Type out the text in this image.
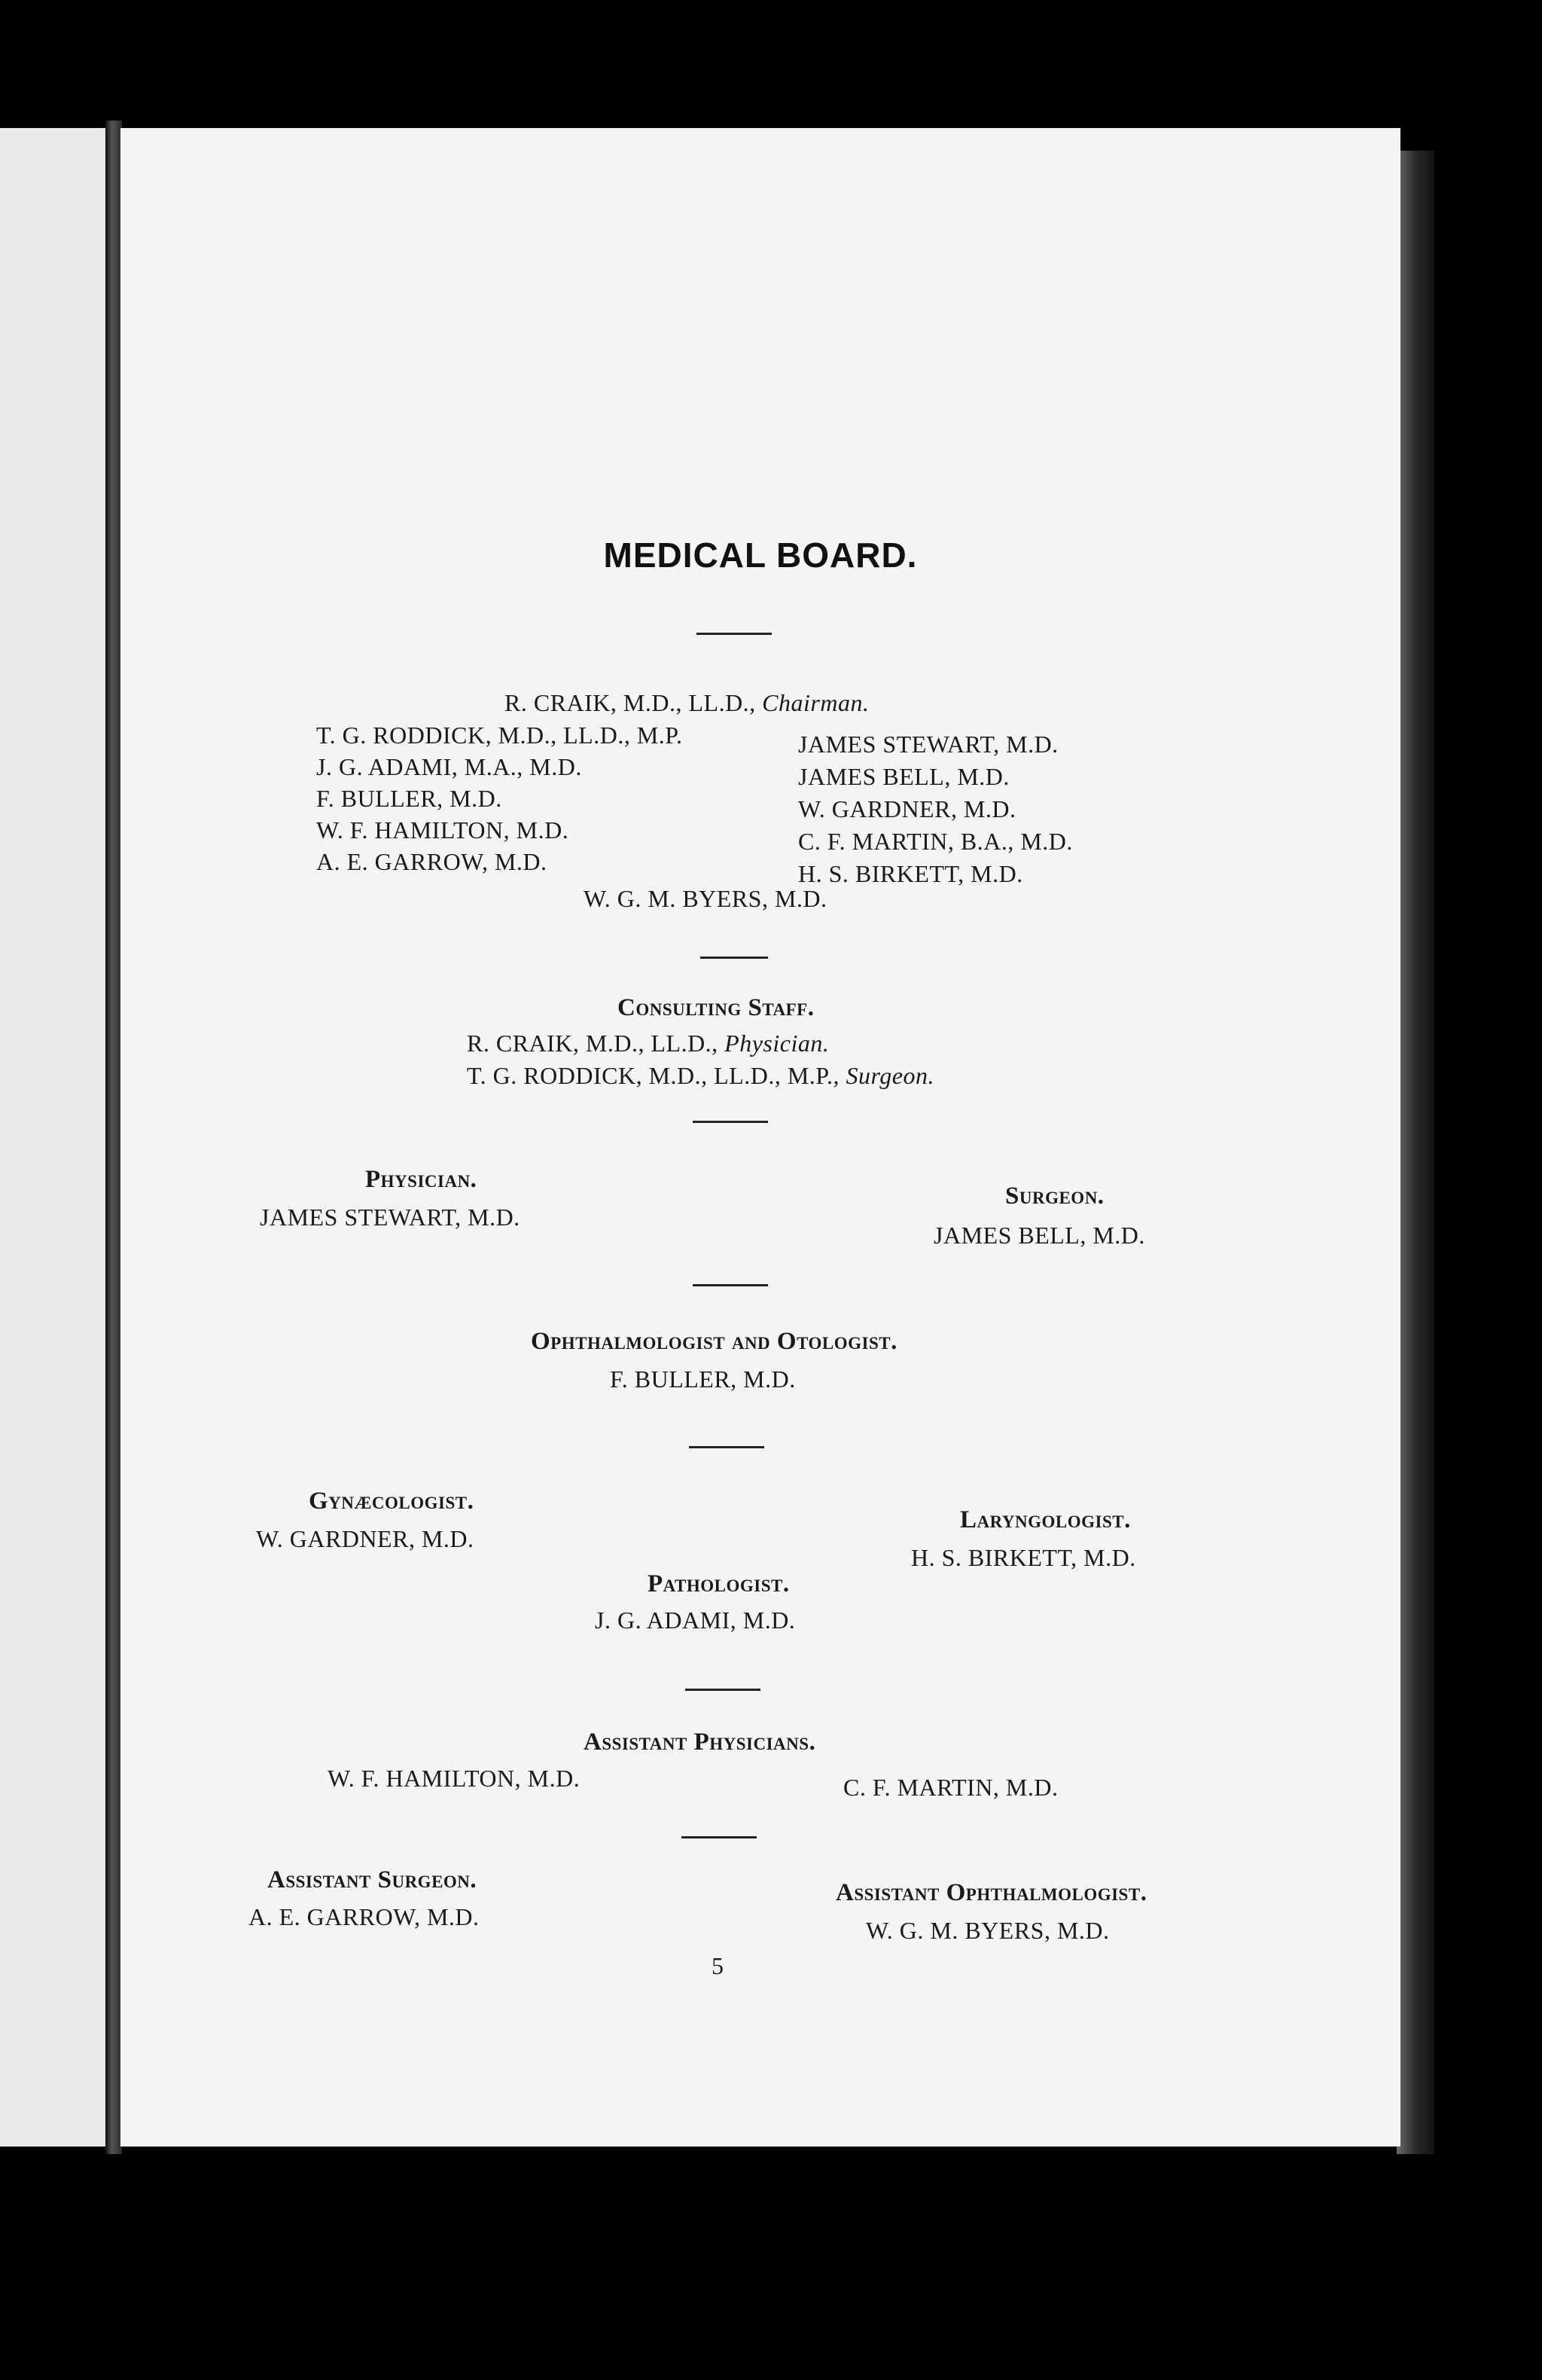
MEDICAL BOARD.
R. CRAIK, M.D., LL.D., Chairman.
T. G. RODDICK, M.D., LL.D., M.P.
J. G. ADAMI, M.A., M.D.
F. BULLER, M.D.
W. F. HAMILTON, M.D.
A. E. GARROW, M.D.
JAMES STEWART, M.D.
JAMES BELL, M.D.
W. GARDNER, M.D.
C. F. MARTIN, B.A., M.D.
H. S. BIRKETT, M.D.
W. G. M. BYERS, M.D.
Consulting Staff.
R. CRAIK, M.D., LL.D., Physician.
T. G. RODDICK, M.D., LL.D., M.P., Surgeon.
Physician.
JAMES STEWART, M.D.
Surgeon.
JAMES BELL, M.D.
Ophthalmologist and Otologist.
F. BULLER, M.D.
Gynæcologist.
W. GARDNER, M.D.
Laryngologist.
H. S. BIRKETT, M.D.
Pathologist.
J. G. ADAMI, M.D.
Assistant Physicians.
W. F. HAMILTON, M.D.	C. F. MARTIN, M.D.
Assistant Surgeon.
A. E. GARROW, M.D.
Assistant Ophthalmologist.
W. G. M. BYERS, M.D.
5
